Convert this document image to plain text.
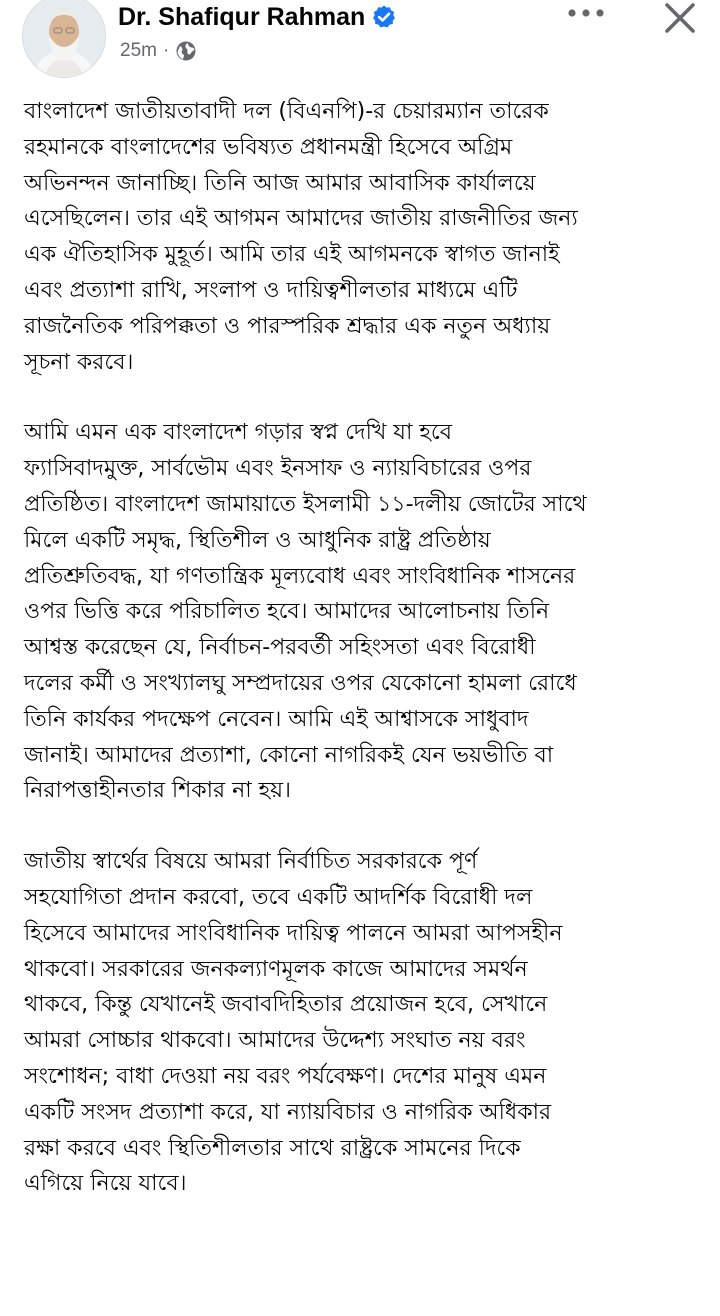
Dr. Shafiqur Rahman
25m ·

বাংলাদেশ জাতীয়তাবাদী দল (বিএনপি)-র চেয়ারম্যান তারেক
রহমানকে বাংলাদেশের ভবিষ্যত প্রধানমন্ত্রী হিসেবে অগ্রিম
অভিনন্দন জানাচ্ছি। তিনি আজ আমার আবাসিক কার্যালয়ে
এসেছিলেন। তার এই আগমন আমাদের জাতীয় রাজনীতির জন্য
এক ঐতিহাসিক মুহূর্ত। আমি তার এই আগমনকে স্বাগত জানাই
এবং প্রত্যাশা রাখি, সংলাপ ও দায়িত্বশীলতার মাধ্যমে এটি
রাজনৈতিক পরিপক্কতা ও পারস্পরিক শ্রদ্ধার এক নতুন অধ্যায়
সূচনা করবে।

আমি এমন এক বাংলাদেশ গড়ার স্বপ্ন দেখি যা হবে
ফ্যাসিবাদমুক্ত, সার্বভৌম এবং ইনসাফ ও ন্যায়বিচারের ওপর
প্রতিষ্ঠিত। বাংলাদেশ জামায়াতে ইসলামী ১১-দলীয় জোটের সাথে
মিলে একটি সমৃদ্ধ, স্থিতিশীল ও আধুনিক রাষ্ট্র প্রতিষ্ঠায়
প্রতিশ্রুতিবদ্ধ, যা গণতান্ত্রিক মূল্যবোধ এবং সাংবিধানিক শাসনের
ওপর ভিত্তি করে পরিচালিত হবে। আমাদের আলোচনায় তিনি
আশ্বস্ত করেছেন যে, নির্বাচন-পরবর্তী সহিংসতা এবং বিরোধী
দলের কর্মী ও সংখ্যালঘু সম্প্রদায়ের ওপর যেকোনো হামলা রোধে
তিনি কার্যকর পদক্ষেপ নেবেন। আমি এই আশ্বাসকে সাধুবাদ
জানাই। আমাদের প্রত্যাশা, কোনো নাগরিকই যেন ভয়ভীতি বা
নিরাপত্তাহীনতার শিকার না হয়।

জাতীয় স্বার্থের বিষয়ে আমরা নির্বাচিত সরকারকে পূর্ণ
সহযোগিতা প্রদান করবো, তবে একটি আদর্শিক বিরোধী দল
হিসেবে আমাদের সাংবিধানিক দায়িত্ব পালনে আমরা আপসহীন
থাকবো। সরকারের জনকল্যাণমূলক কাজে আমাদের সমর্থন
থাকবে, কিন্তু যেখানেই জবাবদিহিতার প্রয়োজন হবে, সেখানে
আমরা সোচ্চার থাকবো। আমাদের উদ্দেশ্য সংঘাত নয় বরং
সংশোধন; বাধা দেওয়া নয় বরং পর্যবেক্ষণ। দেশের মানুষ এমন
একটি সংসদ প্রত্যাশা করে, যা ন্যায়বিচার ও নাগরিক অধিকার
রক্ষা করবে এবং স্থিতিশীলতার সাথে রাষ্ট্রকে সামনের দিকে
এগিয়ে নিয়ে যাবে।
